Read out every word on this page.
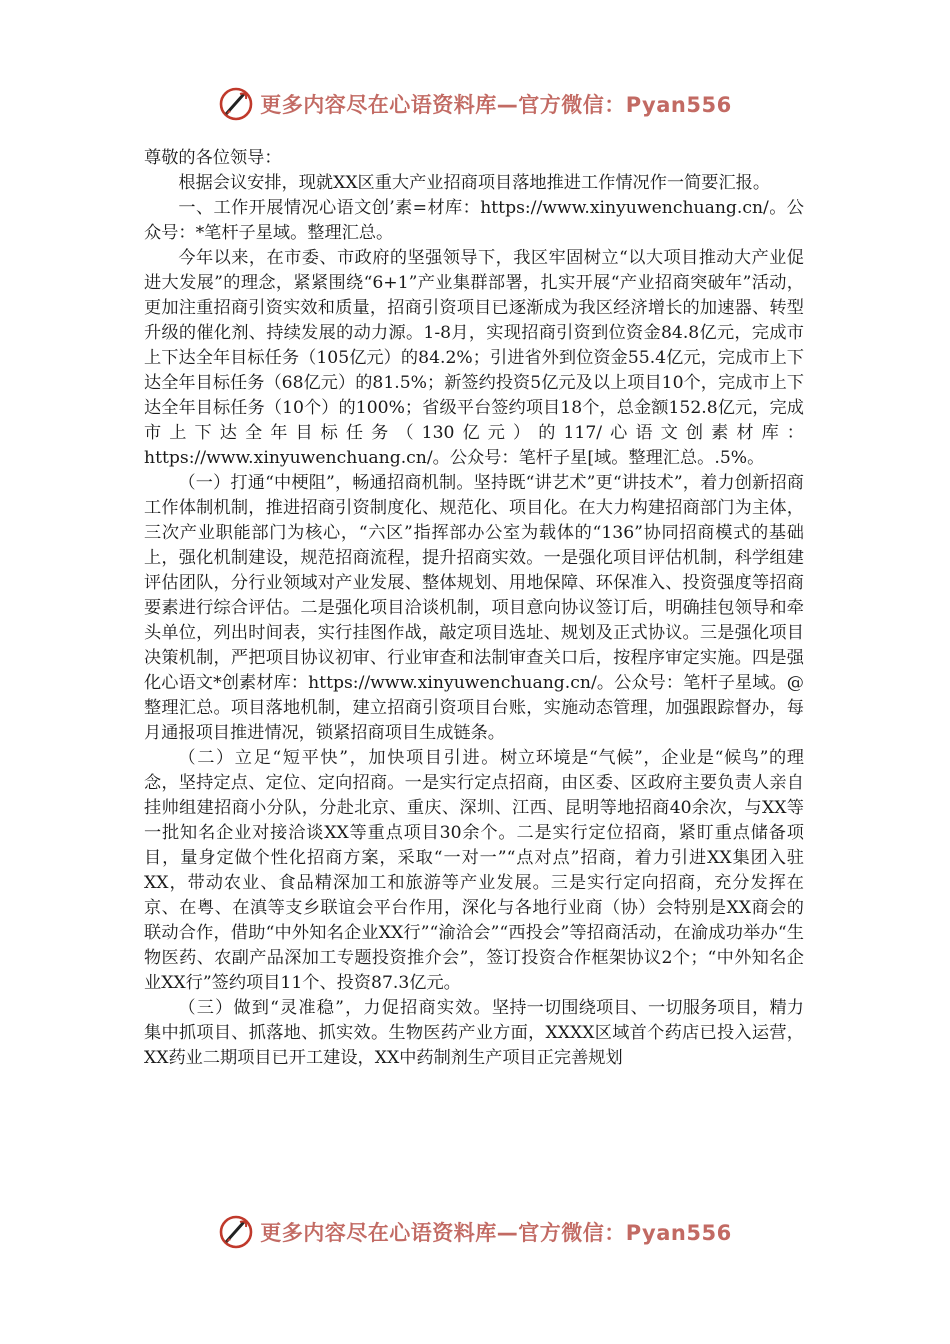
更多内容尽在心语资料库—官方微信：Pyan556

尊敬的各位领导：

根据会议安排，现就XX区重大产业招商项目落地推进工作情况作一简要汇报。

一、工作开展情况心语文创’素=材库：https://www.xinyuwenchuang.cn/。公众号：*笔杆子星域。整理汇总。

今年以来，在市委、市政府的坚强领导下，我区牢固树立“以大项目推动大产业促进大发展”的理念，紧紧围绕“6+1”产业集群部署，扎实开展“产业招商突破年”活动，更加注重招商引资实效和质量，招商引资项目已逐渐成为我区经济增长的加速器、转型升级的催化剂、持续发展的动力源。1-8月，实现招商引资到位资金84.8亿元，完成市上下达全年目标任务（105亿元）的84.2%；引进省外到位资金55.4亿元，完成市上下达全年目标任务（68亿元）的81.5%；新签约投资5亿元及以上项目10个，完成市上下达全年目标任务（10个）的100%；省级平台签约项目18个，总金额152.8亿元，完成市上下达全年目标任务（130亿元）的117/心语文创素材库：https://www.xinyuwenchuang.cn/。公众号：笔杆子星[域。整理汇总。.5%。

（一）打通“中梗阻”，畅通招商机制。坚持既“讲艺术”更“讲技术”，着力创新招商工作体制机制，推进招商引资制度化、规范化、项目化。在大力构建招商部门为主体，三次产业职能部门为核心，“六区”指挥部办公室为载体的“136”协同招商模式的基础上，强化机制建设，规范招商流程，提升招商实效。一是强化项目评估机制，科学组建评估团队，分行业领域对产业发展、整体规划、用地保障、环保准入、投资强度等招商要素进行综合评估。二是强化项目洽谈机制，项目意向协议签订后，明确挂包领导和牵头单位，列出时间表，实行挂图作战，敲定项目选址、规划及正式协议。三是强化项目决策机制，严把项目协议初审、行业审查和法制审查关口后，按程序审定实施。四是强化心语文*创素材库：https://www.xinyuwenchuang.cn/。公众号：笔杆子星域。@整理汇总。项目落地机制，建立招商引资项目台账，实施动态管理，加强跟踪督办，每月通报项目推进情况，锁紧招商项目生成链条。

（二）立足“短平快”，加快项目引进。树立环境是“气候”，企业是“候鸟”的理念，坚持定点、定位、定向招商。一是实行定点招商，由区委、区政府主要负责人亲自挂帅组建招商小分队，分赴北京、重庆、深圳、江西、昆明等地招商40余次，与XX等一批知名企业对接洽谈XX等重点项目30余个。二是实行定位招商，紧盯重点储备项目，量身定做个性化招商方案，采取“一对一”“点对点”招商，着力引进XX集团入驻XX，带动农业、食品精深加工和旅游等产业发展。三是实行定向招商，充分发挥在京、在粤、在滇等支乡联谊会平台作用，深化与各地行业商（协）会特别是XX商会的联动合作，借助“中外知名企业XX行”“渝洽会”“西投会”等招商活动，在渝成功举办“生物医药、农副产品深加工专题投资推介会”，签订投资合作框架协议2个；“中外知名企业XX行”签约项目11个、投资87.3亿元。

（三）做到“灵准稳”，力促招商实效。坚持一切围绕项目、一切服务项目，精力集中抓项目、抓落地、抓实效。生物医药产业方面，XXXX区域首个药店已投入运营，XX药业二期项目已开工建设，XX中药制剂生产项目正完善规划

更多内容尽在心语资料库—官方微信：Pyan556
